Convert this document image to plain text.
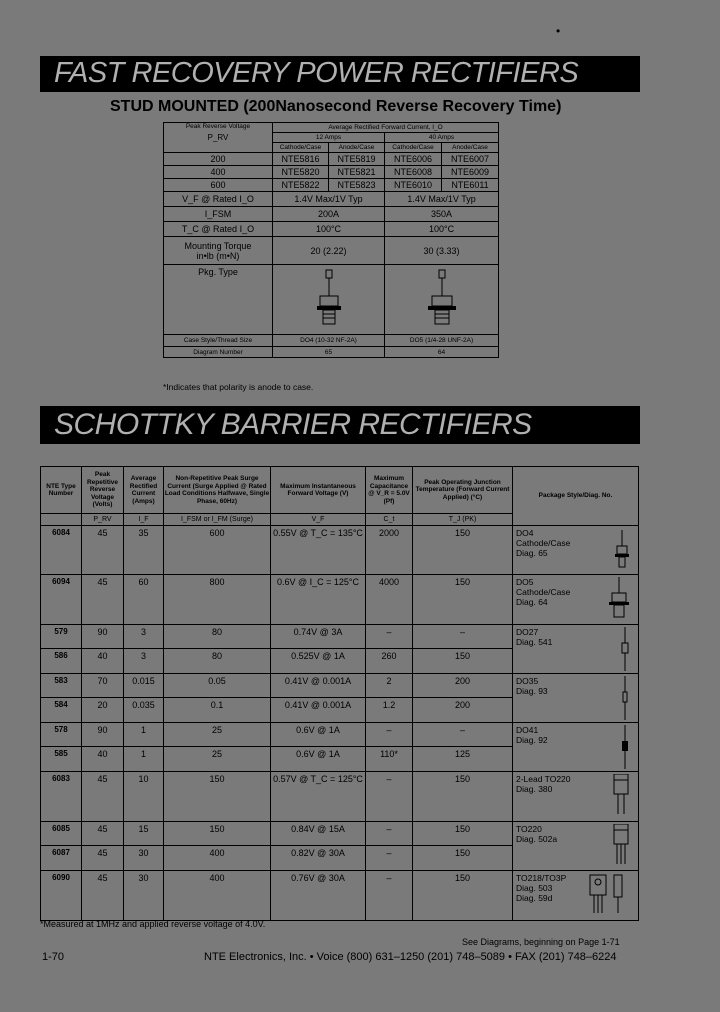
•
FAST RECOVERY POWER RECTIFIERS
STUD MOUNTED (200Nanosecond Reverse Recovery Time)
Peak Reverse Voltage
P_RV	Average Rectified Forward Current, I_O			
	12 Amps		40 Amps	
	Cathode/Case	Anode/Case	Cathode/Case	Anode/Case
200	NTE5816	NTE5819	NTE6006	NTE6007
400	NTE5820	NTE5821	NTE6008	NTE6009
600	NTE5822	NTE5823	NTE6010	NTE6011
V_F @ Rated I_O	1.4V Max/1V Typ		1.4V Max/1V Typ	
I_FSM	200A		350A	
T_C @ Rated I_O	100°C		100°C	

Mounting Torque
in•lb (m•N)	20 (2.22)		30 (3.33)	
Pkg. Type		
Case Style/Thread Size	DO4 (10-32 NF-2A)		DO5 (1/4-28 UNF-2A)	
Diagram Number	65		64	
*Indicates that polarity is anode to case.
SCHOTTKY BARRIER RECTIFIERS
NTE Type Number	Peak Repetitive Reverse Voltage (Volts)	Average Rectified Current (Amps)	Non-Repetitive Peak Surge Current (Surge Applied @ Rated Load Conditions Halfwave, Single Phase, 60Hz)	Maximum Instantaneous Forward Voltage (V)	Maximum Capacitance @ V_R = 5.0V (Pf)	Peak Operating Junction Temperature (Forward Current Applied) (°C)	Package Style/Diag. No.
	P_RV	I_F	I_FSM or I_FM (Surge)	V_F	C_t	T_J (PK)	
6084	45	35	600	0.55V @ T_C = 135°C	2000	150	DO4
Cathode/Case
Diag. 65

6094	45	60	800	0.6V @ I_C = 125°C	4000	150	DO5
Cathode/Case
Diag. 64

579	90	3	80	0.74V @ 3A	–	–	DO27
Diag. 541

586	40	3	80	0.525V @ 1A	260	150	
583	70	0.015	0.05	0.41V @ 0.001A	2	200	DO35
Diag. 93

584	20	0.035	0.1	0.41V @ 0.001A	1.2	200	
578	90	1	25	0.6V @ 1A	–	–	DO41
Diag. 92

585	40	1	25	0.6V @ 1A	110*	125	
6083	45	10	150	0.57V @ T_C = 125°C	–	150	2-Lead TO220
Diag. 380

6085	45	15	150	0.84V @ 15A	–	150	TO220
Diag. 502a

6087	45	30	400	0.82V @ 30A	–	150	
6090	45	30	400	0.76V @ 30A	–	150	TO218/TO3P
Diag. 503
Diag. 59d
*Measured at 1MHz and applied reverse voltage of 4.0V.
See Diagrams, beginning on Page 1-71
1-70	NTE Electronics, Inc. • Voice (800) 631–1250 (201) 748–5089 • FAX (201) 748–6224
